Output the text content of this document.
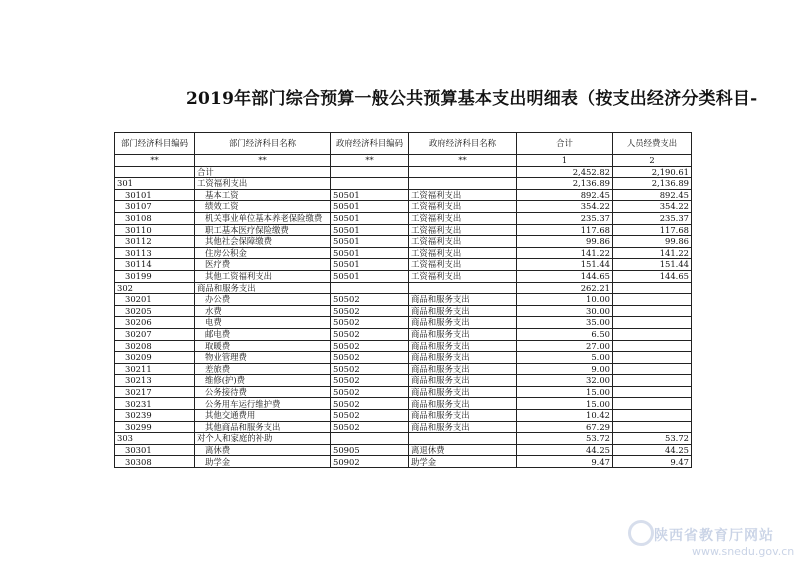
2019年部门综合预算一般公共预算基本支出明细表（按支出经济分类科目-
部门经济科目编码	部门经济科目名称	政府经济科目编码	政府经济科目名称	合计	人员经费支出
**	**	**	**	1	2
	合计			2,452.82	2,190.61
301	工资福利支出			2,136.89	2,136.89
30101	基本工资	50501	工资福利支出	892.45	892.45
30107	绩效工资	50501	工资福利支出	354.22	354.22
30108	机关事业单位基本养老保险缴费	50501	工资福利支出	235.37	235.37
30110	职工基本医疗保险缴费	50501	工资福利支出	117.68	117.68
30112	其他社会保障缴费	50501	工资福利支出	99.86	99.86
30113	住房公积金	50501	工资福利支出	141.22	141.22
30114	医疗费	50501	工资福利支出	151.44	151.44
30199	其他工资福利支出	50501	工资福利支出	144.65	144.65
302	商品和服务支出			262.21	
30201	办公费	50502	商品和服务支出	10.00	
30205	水费	50502	商品和服务支出	30.00	
30206	电费	50502	商品和服务支出	35.00	
30207	邮电费	50502	商品和服务支出	6.50	
30208	取暖费	50502	商品和服务支出	27.00	
30209	物业管理费	50502	商品和服务支出	5.00	
30211	差旅费	50502	商品和服务支出	9.00	
30213	维修(护)费	50502	商品和服务支出	32.00	
30217	公务接待费	50502	商品和服务支出	15.00	
30231	公务用车运行维护费	50502	商品和服务支出	15.00	
30239	其他交通费用	50502	商品和服务支出	10.42	
30299	其他商品和服务支出	50502	商品和服务支出	67.29	
303	对个人和家庭的补助			53.72	53.72
30301	离休费	50905	离退休费	44.25	44.25
30308	助学金	50902	助学金	9.47	9.47
陕西省教育厅网站
www.snedu.gov.cn
